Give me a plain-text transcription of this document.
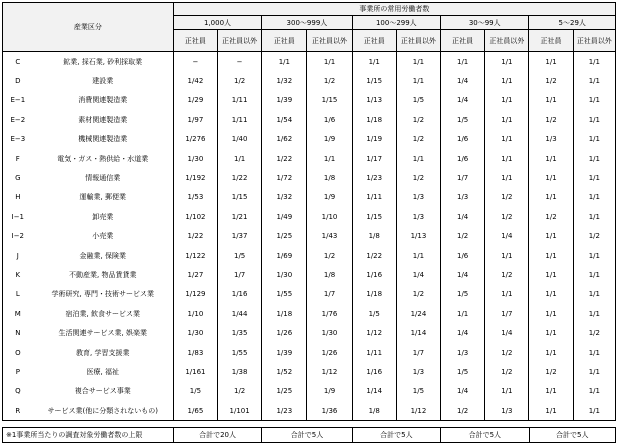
産業区分		事業所の常用労働者数									
		1,000人		300〜999人		100〜299人		30〜99人		5〜29人	
		正社員	正社員以外	正社員	正社員以外	正社員	正社員以外	正社員	正社員以外	正社員	正社員以外
C	鉱業, 採石業, 砂利採取業	−	−	1/1	1/1	1/1	1/1	1/1	1/1	1/1	1/1
D	建設業	1/42	1/2	1/32	1/2	1/15	1/1	1/4	1/1	1/2	1/1
E−1	消費関連製造業	1/29	1/11	1/39	1/15	1/13	1/5	1/4	1/1	1/1	1/1
E−2	素材関連製造業	1/97	1/11	1/54	1/6	1/18	1/2	1/5	1/1	1/2	1/1
E−3	機械関連製造業	1/276	1/40	1/62	1/9	1/19	1/2	1/6	1/1	1/3	1/1
F	電気・ガス・熱供給・水道業	1/30	1/1	1/22	1/1	1/17	1/1	1/6	1/1	1/1	1/1
G	情報通信業	1/192	1/22	1/72	1/8	1/23	1/2	1/7	1/1	1/1	1/1
H	運輸業, 郵便業	1/53	1/15	1/32	1/9	1/11	1/3	1/3	1/2	1/1	1/1
I−1	卸売業	1/102	1/21	1/49	1/10	1/15	1/3	1/4	1/2	1/2	1/1
I−2	小売業	1/22	1/37	1/25	1/43	1/8	1/13	1/2	1/4	1/1	1/2
J	金融業, 保険業	1/122	1/5	1/69	1/2	1/22	1/1	1/6	1/1	1/1	1/1
K	不動産業, 物品賃貸業	1/27	1/7	1/30	1/8	1/16	1/4	1/4	1/2	1/1	1/1
L	学術研究, 専門・技術サービス業	1/129	1/16	1/55	1/7	1/18	1/2	1/5	1/1	1/1	1/1
M	宿泊業, 飲食サービス業	1/10	1/44	1/18	1/76	1/5	1/24	1/1	1/7	1/1	1/1
N	生活関連サービス業, 娯楽業	1/30	1/35	1/26	1/30	1/12	1/14	1/4	1/4	1/1	1/2
O	教育, 学習支援業	1/83	1/55	1/39	1/26	1/11	1/7	1/3	1/2	1/1	1/1
P	医療, 福祉	1/161	1/38	1/52	1/12	1/16	1/3	1/5	1/2	1/2	1/1
Q	複合サービス事業	1/5	1/2	1/25	1/9	1/14	1/5	1/4	1/1	1/1	1/1
R	サービス業(他に分類されないもの)	1/65	1/101	1/23	1/36	1/8	1/12	1/2	1/3	1/1	1/1
※1事業所当たりの調査対象労働者数の上限	合計で20人	合計で5人	合計で5人	合計で5人	合計で5人
